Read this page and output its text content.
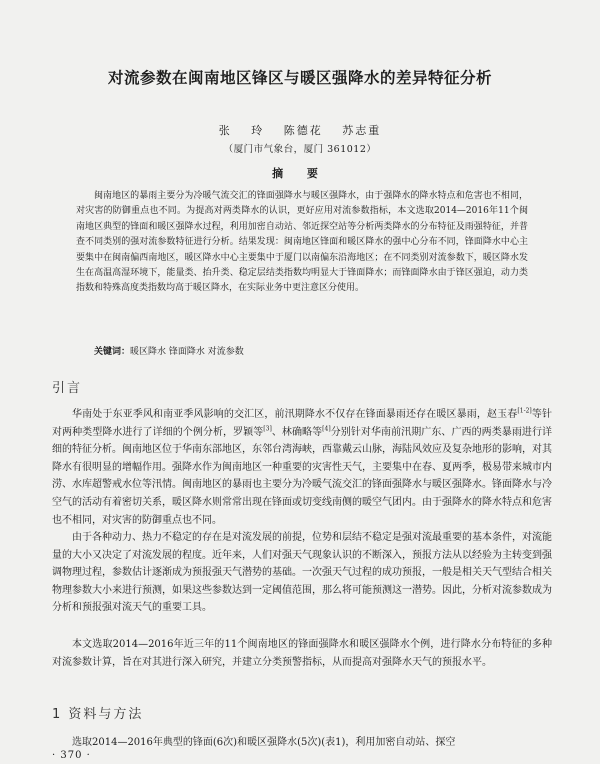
对流参数在闽南地区锋区与暖区强降水的差异特征分析
张 玲 陈德花 苏志重
（厦门市气象台，厦门 361012）
摘 要

闽南地区的暴雨主要分为冷暖气流交汇的锋面强降水与暖区强降水，由于强降水的降水特点和危害也不相同，对灾害的防御重点也不同。为提高对两类降水的认识，更好应用对流参数指标，本文选取2014—2016年11个闽南地区典型的锋面和暖区强降水过程，利用加密自动站、邻近探空站等分析两类降水的分布特征及雨强特征，并普查不同类别的强对流参数特征进行分析。结果发现：闽南地区锋面和暖区降水的强中心分布不同，锋面降水中心主要集中在闽南偏西南地区，暖区降水中心主要集中于厦门以南偏东沿海地区；在不同类别对流参数下，暖区降水发生在高温高湿环境下，能量类、抬升类、稳定层结类指数均明显大于锋面降水；而锋面降水由于锋区强迫，动力类指数和特殊高度类指数均高于暖区降水，在实际业务中更注意区分使用。

关键词：暖区降水 锋面降水 对流参数
引言

华南处于东亚季风和南亚季风影响的交汇区，前汛期降水不仅存在锋面暴雨还存在暖区暴雨，赵玉春[1-2]等针对两种类型降水进行了详细的个例分析，罗颖等[3]、林确略等[4]分别针对华南前汛期广东、广西的两类暴雨进行详细的特征分析。闽南地区位于华南东部地区，东邻台湾海峡，西靠戴云山脉，海陆风效应及复杂地形的影响，对其降水有很明显的增幅作用。强降水作为闽南地区一种重要的灾害性天气，主要集中在春、夏两季，极易带来城市内涝、水库超警戒水位等汛情。闽南地区的暴雨也主要分为冷暖气流交汇的锋面强降水与暖区强降水。锋面降水与冷空气的活动有着密切关系，暖区降水则常常出现在锋面或切变线南侧的暖空气团内。由于强降水的降水特点和危害也不相同，对灾害的防御重点也不同。

由于各种动力、热力不稳定的存在是对流发展的前提，位势和层结不稳定是强对流最重要的基本条件，对流能量的大小又决定了对流发展的程度。近年来，人们对强天气现象认识的不断深入，预报方法从以经验为主转变到强调物理过程，参数估计逐渐成为预报强天气潜势的基础。一次强天气过程的成功预报，一般是相关天气型结合相关物理参数大小来进行预测，如果这些参数达到一定阈值范围，那么将可能预测这一潜势。因此，分析对流参数成为分析和预报强对流天气的重要工具。

本文选取2014—2016年近三年的11个闽南地区的锋面强降水和暖区强降水个例，进行降水分布特征的多种对流参数计算，旨在对其进行深入研究，并建立分类预警指标，从而提高对强降水天气的预报水平。

1 资料与方法

选取2014—2016年典型的锋面(6次)和暖区强降水(5次)(表1)，利用加密自动站、探空

· 370 ·
